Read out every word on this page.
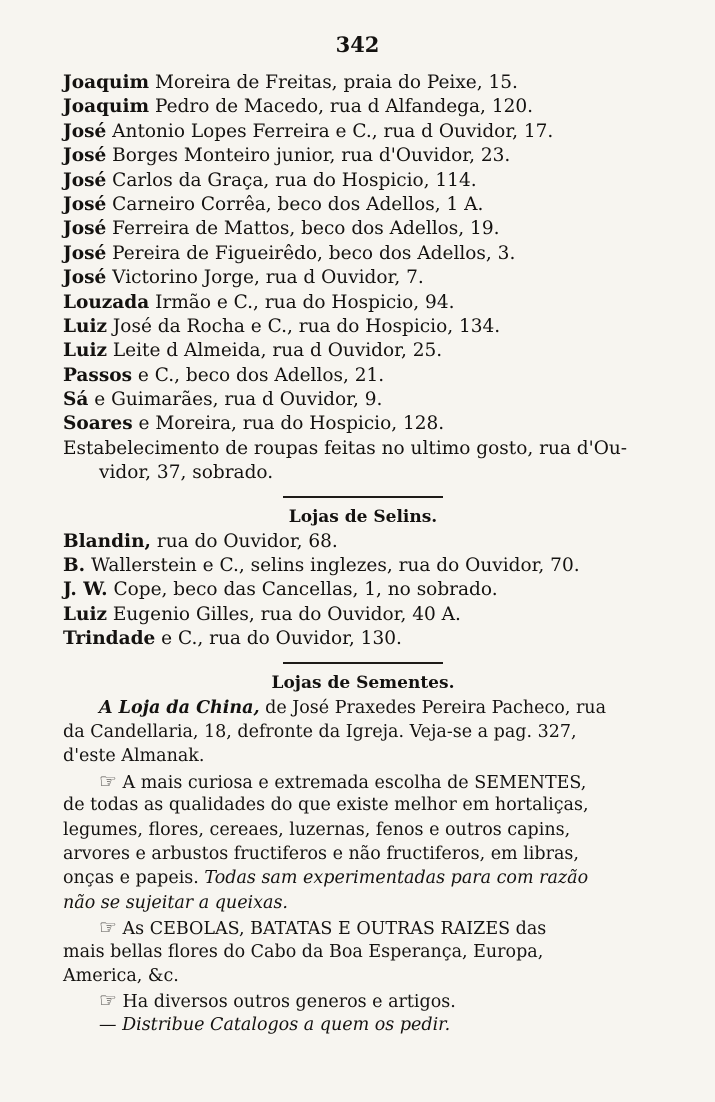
342
Joaquim Moreira de Freitas, praia do Peixe, 15.
Joaquim Pedro de Macedo, rua d Alfandega, 120.
José Antonio Lopes Ferreira e C., rua d Ouvidor, 17.
José Borges Monteiro junior, rua d'Ouvidor, 23.
José Carlos da Graça, rua do Hospicio, 114.
José Carneiro Corrêa, beco dos Adellos, 1 A.
José Ferreira de Mattos, beco dos Adellos, 19.
José Pereira de Figueirêdo, beco dos Adellos, 3.
José Victorino Jorge, rua d Ouvidor, 7.
Louzada Irmão e C., rua do Hospicio, 94.
Luiz José da Rocha e C., rua do Hospicio, 134.
Luiz Leite d Almeida, rua d Ouvidor, 25.
Passos e C., beco dos Adellos, 21.
Sá e Guimarães, rua d Ouvidor, 9.
Soares e Moreira, rua do Hospicio, 128.
Estabelecimento de roupas feitas no ultimo gosto, rua d'Ou-
vidor, 37, sobrado.
Lojas de Selins.
Blandin, rua do Ouvidor, 68.
B. Wallerstein e C., selins inglezes, rua do Ouvidor, 70.
J. W. Cope, beco das Cancellas, 1, no sobrado.
Luiz Eugenio Gilles, rua do Ouvidor, 40 A.
Trindade e C., rua do Ouvidor, 130.
Lojas de Sementes.
A Loja da China, de José Praxedes Pereira Pacheco, rua
da Candellaria, 18, defronte da Igreja. Veja-se a pag. 327,
d'este Almanak.
☞ A mais curiosa e extremada escolha de SEMENTES,
de todas as qualidades do que existe melhor em hortaliças,
legumes, flores, cereaes, luzernas, fenos e outros capins,
arvores e arbustos fructiferos e não fructiferos, em libras,
onças e papeis. Todas sam experimentadas para com razão
não se sujeitar a queixas.
☞ As CEBOLAS, BATATAS E OUTRAS RAIZES das
mais bellas flores do Cabo da Boa Esperança, Europa,
America, &c.
☞ Ha diversos outros generos e artigos.
— Distribue Catalogos a quem os pedir.
